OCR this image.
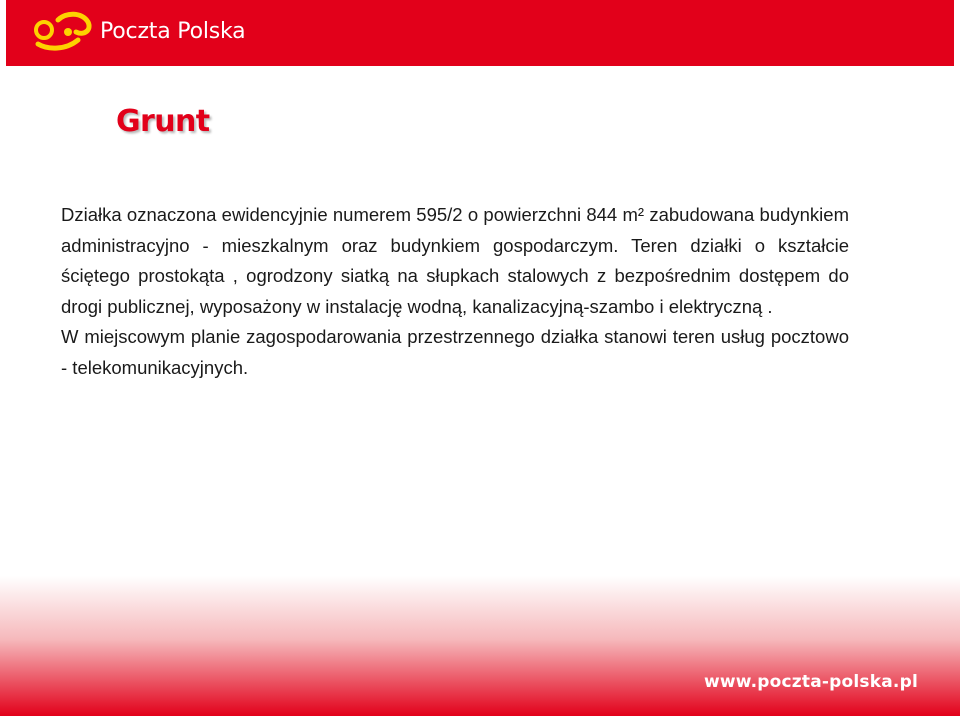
Poczta Polska
Grunt

Działka oznaczona ewidencyjnie numerem 595/2 o powierzchni 844 m² zabudowana budynkiem administracyjno - mieszkalnym oraz budynkiem gospodarczym. Teren działki o kształcie ściętego prostokąta , ogrodzony siatką na słupkach stalowych z bezpośrednim dostępem do drogi publicznej, wyposażony w instalację wodną, kanalizacyjną-szambo i elektryczną .

W miejscowym planie zagospodarowania przestrzennego działka stanowi teren usług pocztowo - telekomunikacyjnych.

www.poczta-polska.pl
